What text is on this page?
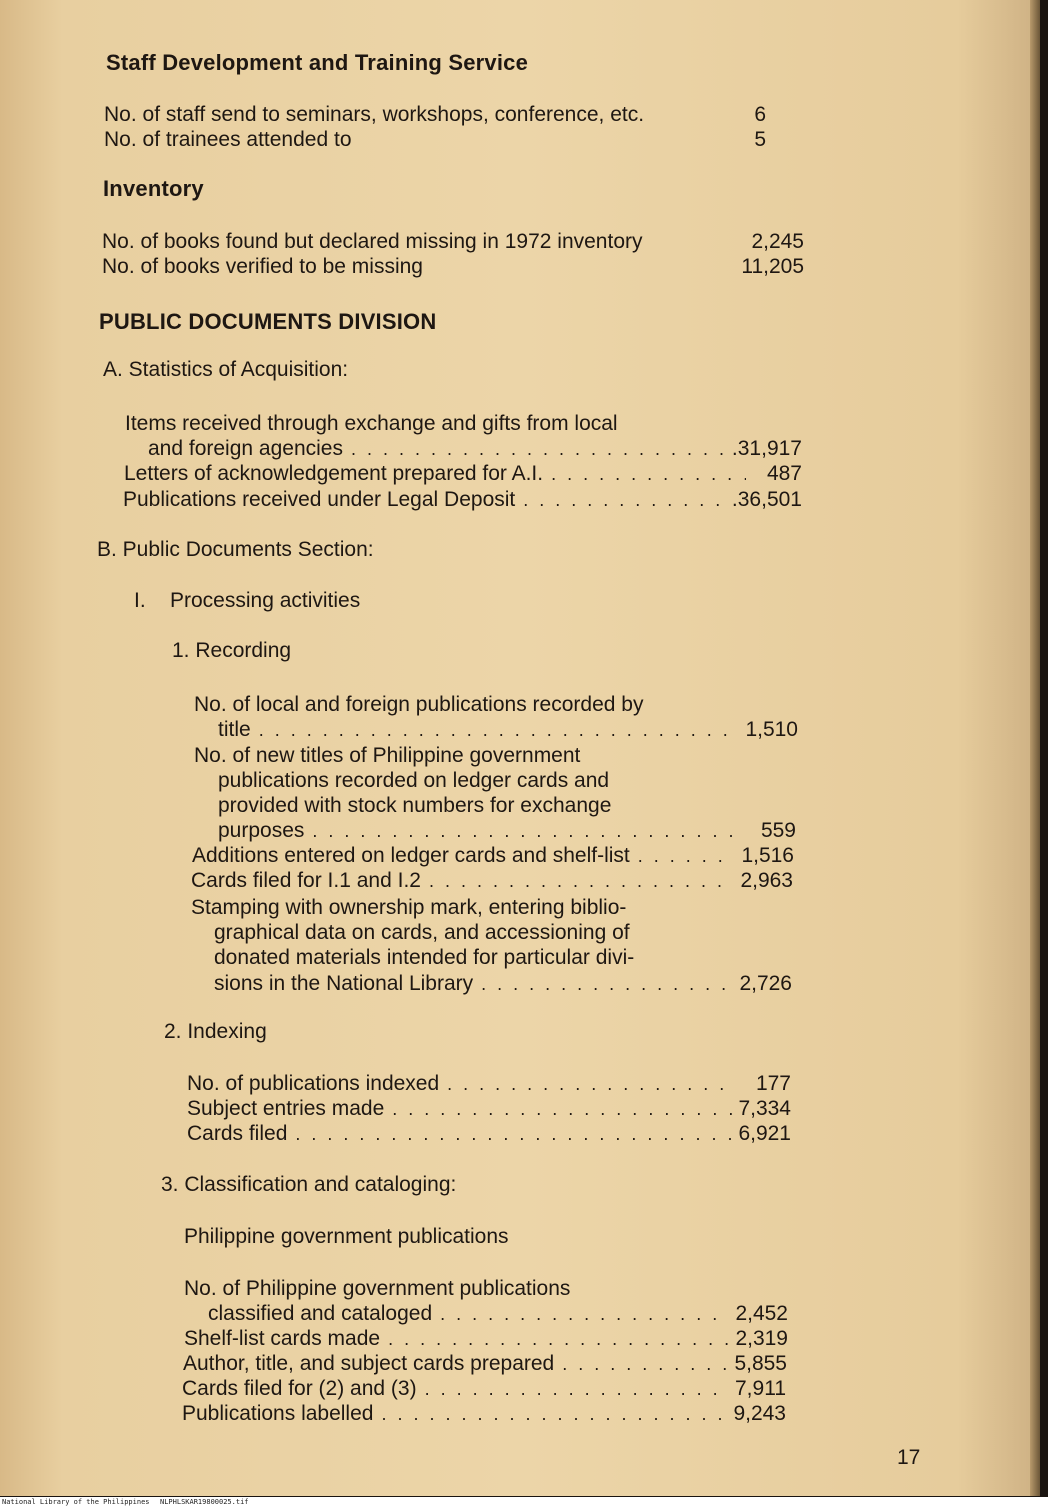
Staff Development and Training Service
No. of staff send to seminars, workshops, conference, etc.	6
No. of trainees attended to	5
Inventory
No. of books found but declared missing in 1972 inventory	2,245
No. of books verified to be missing	11,205
PUBLIC DOCUMENTS DIVISION
A. Statistics of Acquisition:
Items received through exchange and gifts from local
and foreign agencies . . .	.31,917
Letters of acknowledgement prepared for A.I. . . .	487
Publications received under Legal Deposit . . .	.36,501
B. Public Documents Section:
I. Processing activities
1. Recording
No. of local and foreign publications recorded by
title . . .	1,510
No. of new titles of Philippine government
publications recorded on ledger cards and
provided with stock numbers for exchange
purposes . . .	559
Additions entered on ledger cards and shelf-list . . .	1,516
Cards filed for I.1 and I.2 . . .	2,963
Stamping with ownership mark, entering biblio-
graphical data on cards, and accessioning of
donated materials intended for particular divi-
sions in the National Library . . .	2,726
2. Indexing
No. of publications indexed . . .	177
Subject entries made . . .	7,334
Cards filed . . .	6,921
3. Classification and cataloging:
Philippine government publications
No. of Philippine government publications
classified and cataloged . . .	2,452
Shelf-list cards made . . .	2,319
Author, title, and subject cards prepared . . .	5,855
Cards filed for (2) and (3) . . .	7,911
Publications labelled . . .	9,243
17
National Library of the Philippines NLPHLSKAR19800025.tif
